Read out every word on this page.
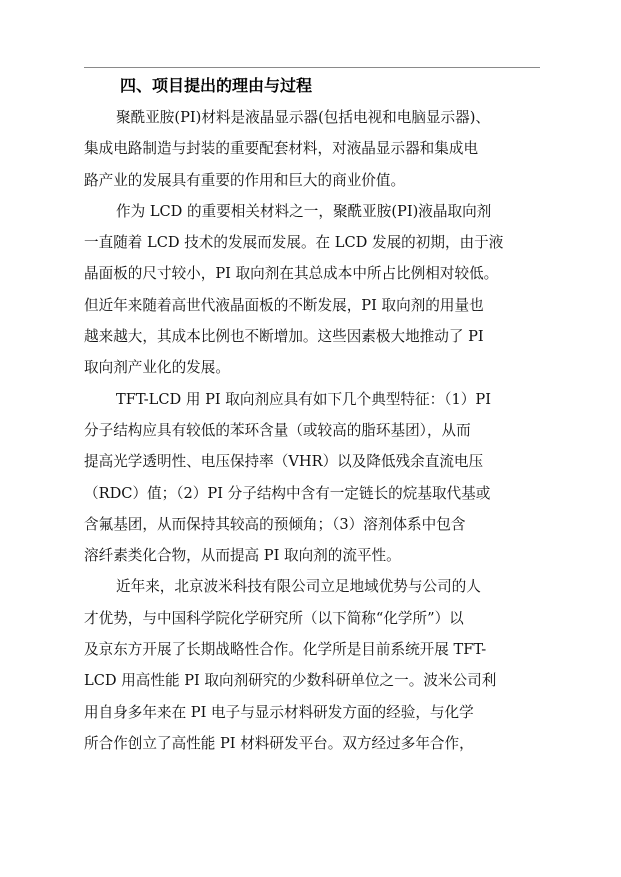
四、项目提出的理由与过程
聚酰亚胺(PI)材料是液晶显示器(包括电视和电脑显示器)、
集成电路制造与封装的重要配套材料，对液晶显示器和集成电
路产业的发展具有重要的作用和巨大的商业价值。
作为 LCD 的重要相关材料之一，聚酰亚胺(PI)液晶取向剂
一直随着 LCD 技术的发展而发展。在 LCD 发展的初期，由于液
晶面板的尺寸较小，PI 取向剂在其总成本中所占比例相对较低。
但近年来随着高世代液晶面板的不断发展，PI 取向剂的用量也
越来越大，其成本比例也不断增加。这些因素极大地推动了 PI
取向剂产业化的发展。
TFT-LCD 用 PI 取向剂应具有如下几个典型特征：（1）PI
分子结构应具有较低的苯环含量（或较高的脂环基团），从而
提高光学透明性、电压保持率（VHR）以及降低残余直流电压
（RDC）值；（2）PI 分子结构中含有一定链长的烷基取代基或
含氟基团，从而保持其较高的预倾角；（3）溶剂体系中包含
溶纤素类化合物，从而提高 PI 取向剂的流平性。
近年来，北京波米科技有限公司立足地域优势与公司的人
才优势，与中国科学院化学研究所（以下简称“化学所”）以
及京东方开展了长期战略性合作。化学所是目前系统开展 TFT-
LCD 用高性能 PI 取向剂研究的少数科研单位之一。波米公司利
用自身多年来在 PI 电子与显示材料研发方面的经验，与化学
所合作创立了高性能 PI 材料研发平台。双方经过多年合作，
